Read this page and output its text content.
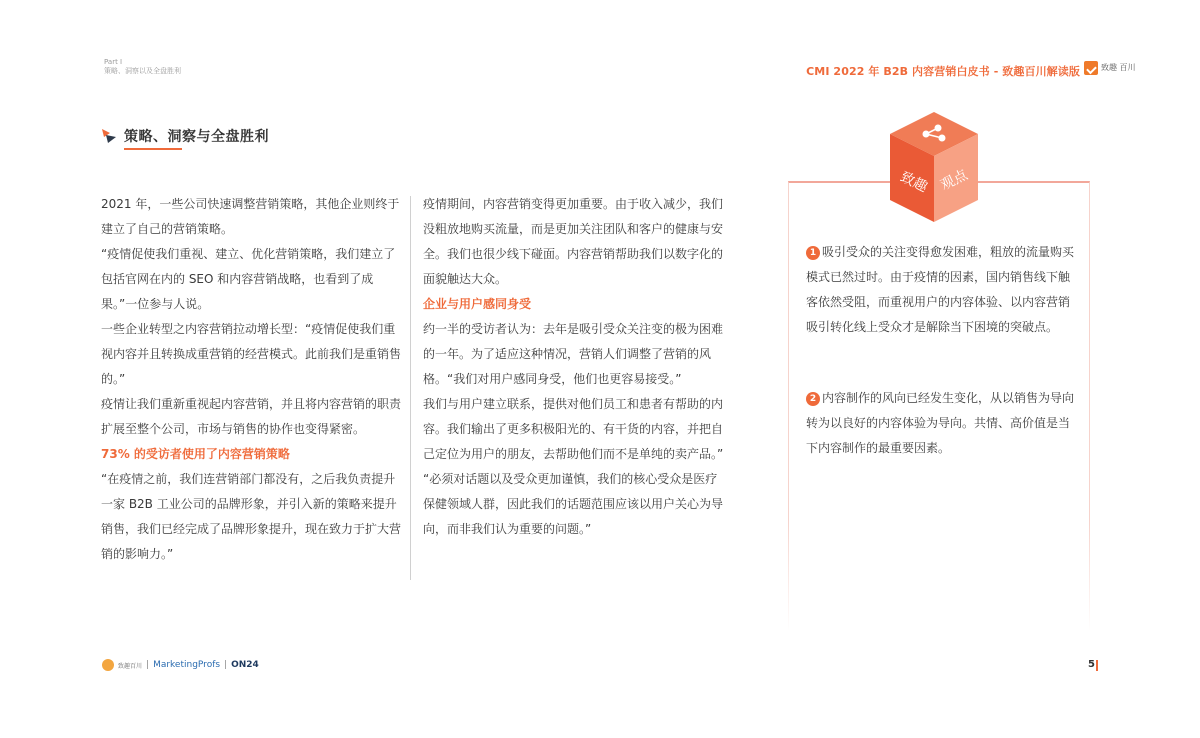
Part I
策略、洞察以及全盘胜利	CMI 2022 年 B2B 内容营销白皮书 - 致趣百川解读版	致趣 百川
策略、洞察与全盘胜利

2021 年，一些公司快速调整营销策略，其他企业则终于建立了自己的营销策略。

“疫情促使我们重视、建立、优化营销策略，我们建立了包括官网在内的 SEO 和内容营销战略，也看到了成果。”一位参与人说。

一些企业转型之内容营销拉动增长型：“疫情促使我们重视内容并且转换成重营销的经营模式。此前我们是重销售的。”

疫情让我们重新重视起内容营销，并且将内容营销的职责扩展至整个公司，市场与销售的协作也变得紧密。

73% 的受访者使用了内容营销策略

“在疫情之前，我们连营销部门都没有，之后我负责提升一家 B2B 工业公司的品牌形象，并引入新的策略来提升销售，我们已经完成了品牌形象提升，现在致力于扩大营销的影响力。”

疫情期间，内容营销变得更加重要。由于收入减少，我们没粗放地购买流量，而是更加关注团队和客户的健康与安全。我们也很少线下碰面。内容营销帮助我们以数字化的面貌触达大众。

企业与用户感同身受

约一半的受访者认为：去年是吸引受众关注变的极为困难的一年。为了适应这种情况，营销人们调整了营销的风格。“我们对用户感同身受，他们也更容易接受。”

我们与用户建立联系，提供对他们员工和患者有帮助的内容。我们输出了更多积极阳光的、有干货的内容，并把自己定位为用户的朋友，去帮助他们而不是单纯的卖产品。”

“必须对话题以及受众更加谨慎，我们的核心受众是医疗保健领域人群，因此我们的话题范围应该以用户关心为导向，而非我们认为重要的问题。”

致趣 观点
1 吸引受众的关注变得愈发困难，粗放的流量购买模式已然过时。由于疫情的因素，国内销售线下触客依然受阻，而重视用户的内容体验、以内容营销吸引转化线上受众才是解除当下困境的突破点。
2 内容制作的风向已经发生变化，从以销售为导向转为以良好的内容体验为导向。共情、高价值是当下内容制作的最重要因素。
致趣百川 | MarketingProfs | ON24	5
